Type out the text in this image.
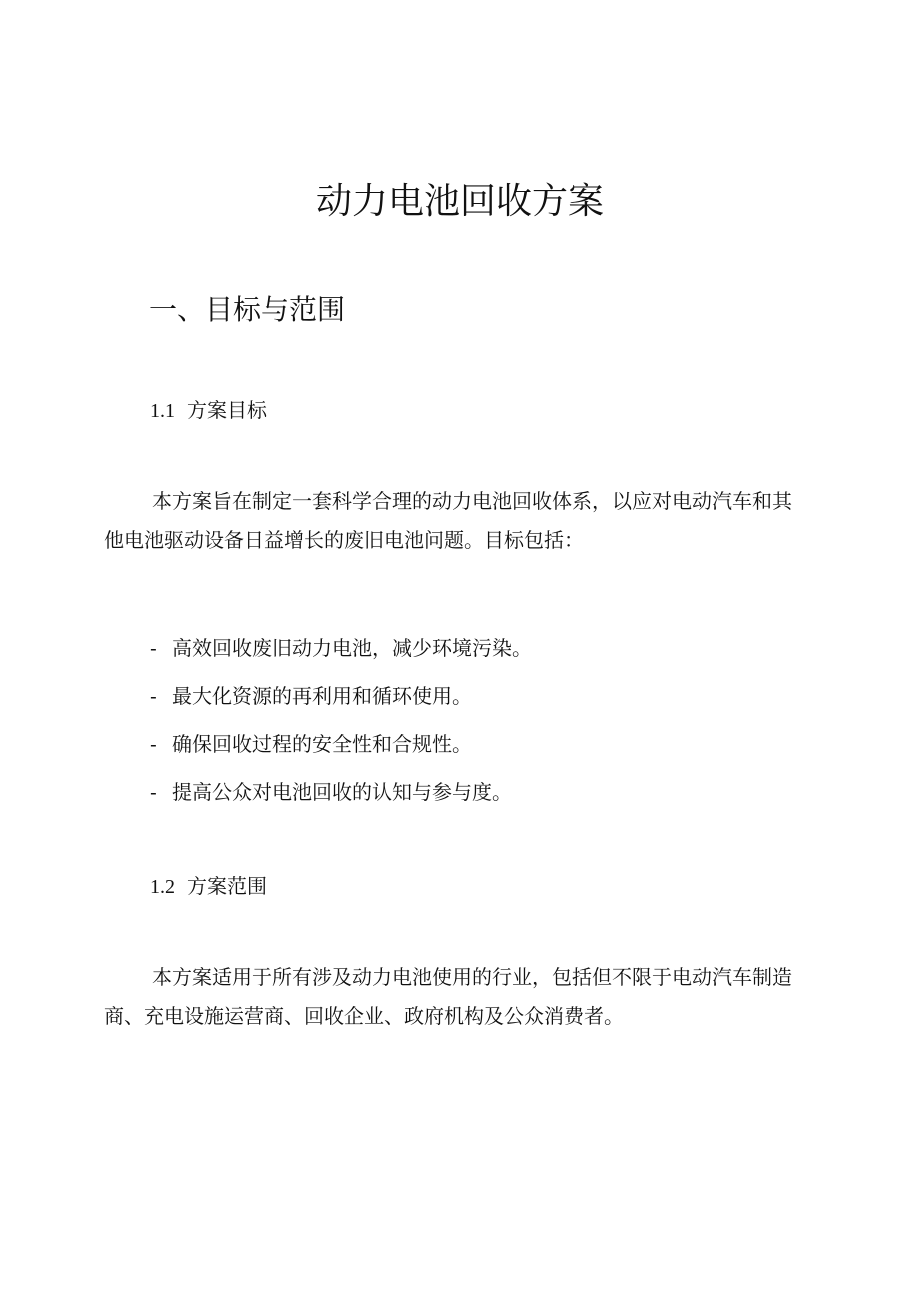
动力电池回收方案
一、目标与范围
1.1 方案目标
本方案旨在制定一套科学合理的动力电池回收体系，以应对电动汽车和其他电池驱动设备日益增长的废旧电池问题。目标包括：
- 高效回收废旧动力电池，减少环境污染。
- 最大化资源的再利用和循环使用。
- 确保回收过程的安全性和合规性。
- 提高公众对电池回收的认知与参与度。
1.2 方案范围
本方案适用于所有涉及动力电池使用的行业，包括但不限于电动汽车制造商、充电设施运营商、回收企业、政府机构及公众消费者。
